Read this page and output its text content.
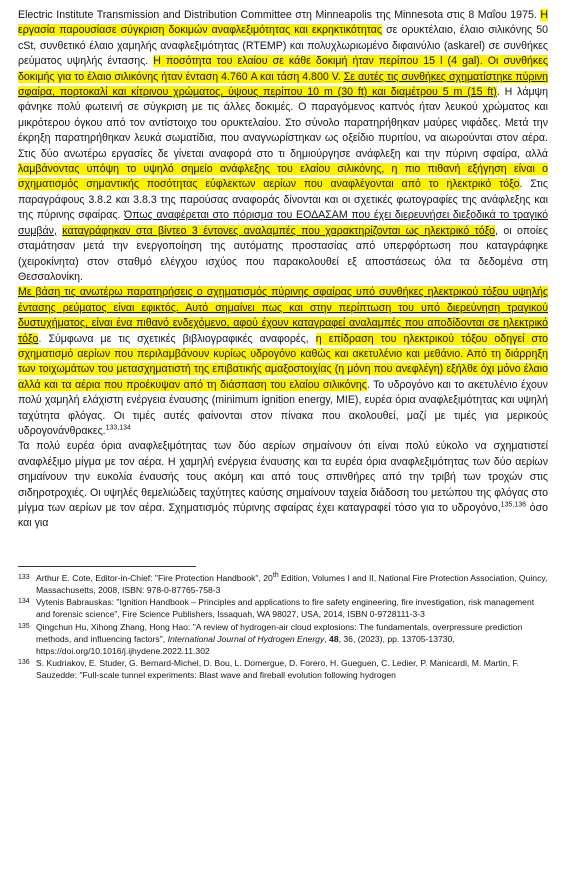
Electric Institute Transmission and Distribution Committee στη Minneapolis της Minnesota στις 8 Μαΐου 1975. Η εργασία παρουσίασε σύγκριση δοκιμών αναφλεξιμότητας και εκρηκτικότητας σε ορυκτέλαιο, έλαιο σιλικόνης 50 cSt, συνθετικό έλαιο χαμηλής αναφλεξιμότητας (RTEMP) και πολυχλωριωμένο διφαινύλιο (askarel) σε συνθήκες ρεύματος υψηλής έντασης. Η ποσότητα του ελαίου σε κάθε δοκιμή ήταν περίπου 15 l (4 gal). Οι συνθήκες δοκιμής για το έλαιο σιλικόνης ήταν ένταση 4.760 A και τάση 4.800 V. Σε αυτές τις συνθήκες σχηματίστηκε πύρινη σφαίρα, πορτοκαλί και κίτρινου χρώματος, ύψους περίπου 10 m (30 ft) και διαμέτρου 5 m (15 ft). Η λάμψη φάνηκε πολύ φωτεινή σε σύγκριση με τις άλλες δοκιμές. Ο παραγόμενος καπνός ήταν λευκού χρώματος και μικρότερου όγκου από τον αντίστοιχο του ορυκτελαίου. Στο σύνολο παρατηρήθηκαν μαύρες νιφάδες. Μετά την έκρηξη παρατηρήθηκαν λευκά σωματίδια, που αναγνωρίστηκαν ως οξείδιο πυριτίου, να αιωρούνται στον αέρα. Στις δύο ανωτέρω εργασίες δε γίνεται αναφορά στο τι δημιούργησε ανάφλεξη και την πύρινη σφαίρα, αλλά λαμβάνοντας υπόψη το υψηλό σημείο ανάφλεξης του ελαίου σιλικόνης, η πιο πιθανή εξήγηση είναι ο σχηματισμός σημαντικής ποσότητας εύφλεκτων αερίων που αναφλέγονται από το ηλεκτρικό τόξο. Στις παραγράφους 3.8.2 και 3.8.3 της παρούσας αναφοράς δίνονται και οι σχετικές φωτογραφίες της ανάφλεξης και της πύρινης σφαίρας. Όπως αναφέρεται στο πόρισμα του ΕΟΔΑΣΑΜ που έχει διερευνήσει διεξοδικά το τραγικό συμβάν, καταγράφηκαν στα βίντεο 3 έντονες αναλαμπές που χαρακτηρίζονται ως ηλεκτρικό τόξο, οι οποίες σταμάτησαν μετά την ενεργοποίηση της αυτόματης προστασίας από υπερφόρτωση που καταγράφηκε (χειροκίνητα) στον σταθμό ελέγχου ισχύος που παρακολουθεί εξ αποστάσεως όλα τα δεδομένα στη Θεσσαλονίκη.

Με βάση τις ανωτέρω παρατηρήσεις ο σχηματισμός πύρινης σφαίρας υπό συνθήκες ηλεκτρικού τόξου υψηλής έντασης ρεύματος είναι εφικτός. Αυτό σημαίνει πως και στην περίπτωση του υπό διερεύνηση τραγικού δυστυχήματος, είναι ένα πιθανό ενδεχόμενο, αφού έχουν καταγραφεί αναλαμπές που αποδίδονται σε ηλεκτρικό τόξο. Σύμφωνα με τις σχετικές βιβλιογραφικές αναφορές, η επίδραση του ηλεκτρικού τόξου οδηγεί στο σχηματισμό αερίων που περιλαμβάνουν κυρίως υδρογόνο καθώς και ακετυλένιο και μεθάνιο. Από τη διάρρηξη των τοιχωμάτων του μετασχηματιστή της επιβατικής αμαξοστοιχίας (η μόνη που ανεφλέγη) εξήλθε όχι μόνο έλαιο αλλά και τα αέρια που προέκυψαν από τη διάσπαση του ελαίου σιλικόνης. Το υδρογόνο και το ακετυλένιο έχουν πολύ χαμηλή ελάχιστη ενέργεια έναυσης (minimum ignition energy, MIE), ευρέα όρια αναφλεξιμότητας και υψηλή ταχύτητα φλόγας. Οι τιμές αυτές φαίνονται στον πίνακα που ακολουθεί, μαζί με τιμές για μερικούς υδρογονάνθρακες.$^{133,134}$

Τα πολύ ευρέα όρια αναφλεξιμότητας των δύο αερίων σημαίνουν ότι είναι πολύ εύκολο να σχηματιστεί αναφλέξιμο μίγμα με τον αέρα. Η χαμηλή ενέργεια έναυσης και τα ευρέα όρια αναφλεξιμότητας των δύο αερίων σημαίνουν την ευκολία έναυσής τους ακόμη και από τους σπινθήρες από την τριβή των τροχών στις σιδηροτροχιές. Οι υψηλές θεμελιώδεις ταχύτητες καύσης σημαίνουν ταχεία διάδοση του μετώπου της φλόγας στο μίγμα των αερίων με τον αέρα. Σχηματισμός πύρινης σφαίρας έχει καταγραφεί τόσο για το υδρογόνο,$^{135,136}$ όσο και για

133 Arthur E. Cote, Editor-in-Chief: "Fire Protection Handbook", 20th Edition, Volumes I and II, National Fire Protection Association, Quincy, Massachusetts, 2008, ISBN: 978-0-87765-758-3
134 Vytenis Babrauskas: "Ignition Handbook – Principles and applications to fire safety engineering, fire investigation, risk management and forensic science", Fire Science Publishers, Issaquah, WA 98027, USA, 2014, ISBN 0-9728111-3-3
135 Qingchun Hu, Xihong Zhang, Hong Hao: "A review of hydrogen-air cloud explosions: The fundamentals, overpressure prediction methods, and influencing factors", International Journal of Hydrogen Energy, 48, 36, (2023), pp. 13705-13730, https://doi.org/10.1016/j.ijhydene.2022.11.302
136 S. Kudriakov, E. Studer, G. Bernard-Michel, D. Bou, L. Domergue, D. Forero, H. Gueguen, C. Ledier, P. Manicardi, M. Martin, F. Sauzedde: "Full-scale tunnel experiments: Blast wave and fireball evolution following hydrogen
